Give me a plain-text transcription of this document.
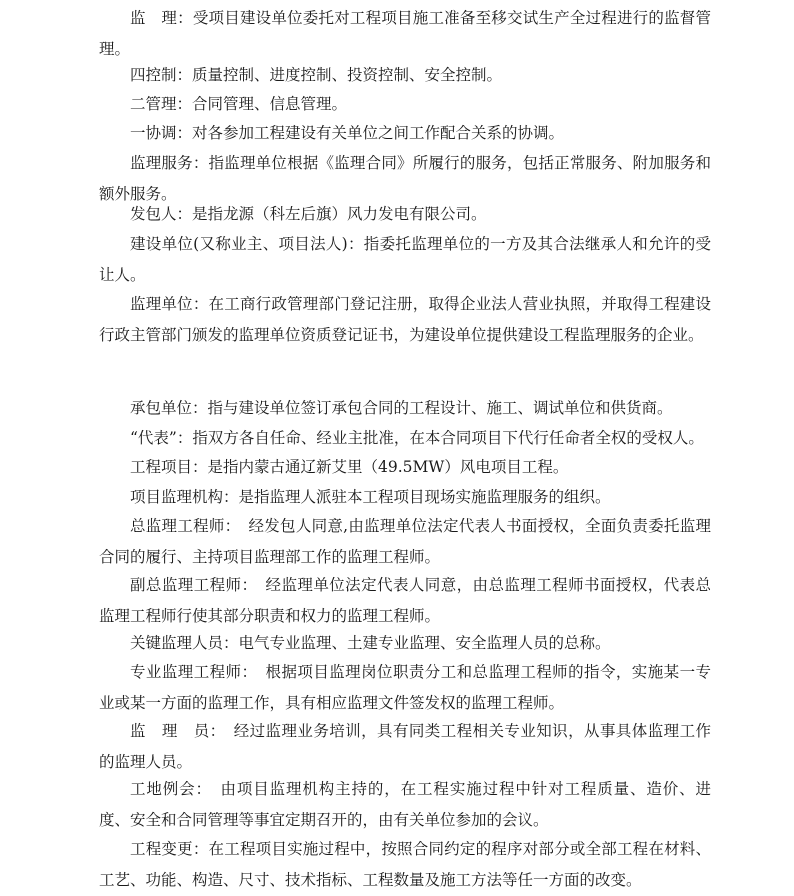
监　理：受项目建设单位委托对工程项目施工准备至移交试生产全过程进行的监督管理。

四控制：质量控制、进度控制、投资控制、安全控制。

二管理：合同管理、信息管理。

一协调：对各参加工程建设有关单位之间工作配合关系的协调。

监理服务：指监理单位根据《监理合同》所履行的服务，包括正常服务、附加服务和额外服务。

发包人：是指龙源（科左后旗）风力发电有限公司。

建设单位(又称业主、项目法人)：指委托监理单位的一方及其合法继承人和允许的受让人。

监理单位：在工商行政管理部门登记注册，取得企业法人营业执照，并取得工程建设行政主管部门颁发的监理单位资质登记证书，为建设单位提供建设工程监理服务的企业。

承包单位：指与建设单位签订承包合同的工程设计、施工、调试单位和供货商。

“代表”：指双方各自任命、经业主批准，在本合同项目下代行任命者全权的受权人。

工程项目：是指内蒙古通辽新艾里（49.5MW）风电项目工程。

项目监理机构：是指监理人派驻本工程项目现场实施监理服务的组织。

总监理工程师：　经发包人同意,由监理单位法定代表人书面授权，全面负责委托监理合同的履行、主持项目监理部工作的监理工程师。

副总监理工程师：　经监理单位法定代表人同意，由总监理工程师书面授权，代表总监理工程师行使其部分职责和权力的监理工程师。

关键监理人员：电气专业监理、土建专业监理、安全监理人员的总称。

专业监理工程师：　根据项目监理岗位职责分工和总监理工程师的指令，实施某一专业或某一方面的监理工作，具有相应监理文件签发权的监理工程师。

监　理　员：　经过监理业务培训，具有同类工程相关专业知识，从事具体监理工作的监理人员。

工地例会：　由项目监理机构主持的，在工程实施过程中针对工程质量、造价、进度、安全和合同管理等事宜定期召开的，由有关单位参加的会议。

工程变更：在工程项目实施过程中，按照合同约定的程序对部分或全部工程在材料、工艺、功能、构造、尺寸、技术指标、工程数量及施工方法等任一方面的改变。
